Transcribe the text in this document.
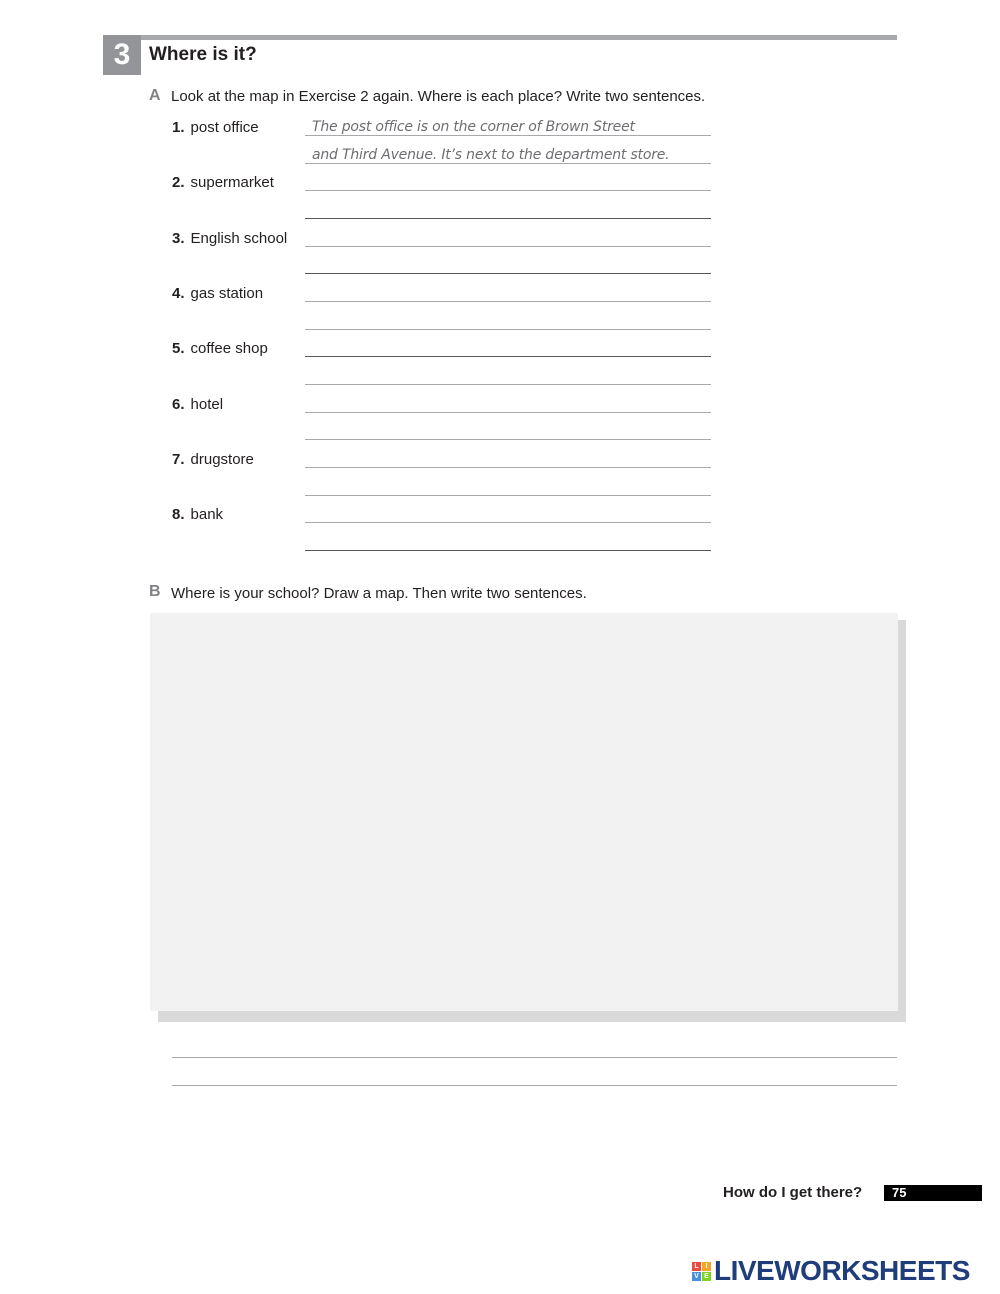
3 Where is it?
A Look at the map in Exercise 2 again. Where is each place? Write two sentences.
1. post office	The post office is on the corner of Brown Street
and Third Avenue. It’s next to the department store.
2. supermarket
3. English school
4. gas station
5. coffee shop
6. hotel
7. drugstore
8. bank
B Where is your school? Draw a map. Then write two sentences.
How do I get there?	75
L I
V E LIVEWORKSHEETS
